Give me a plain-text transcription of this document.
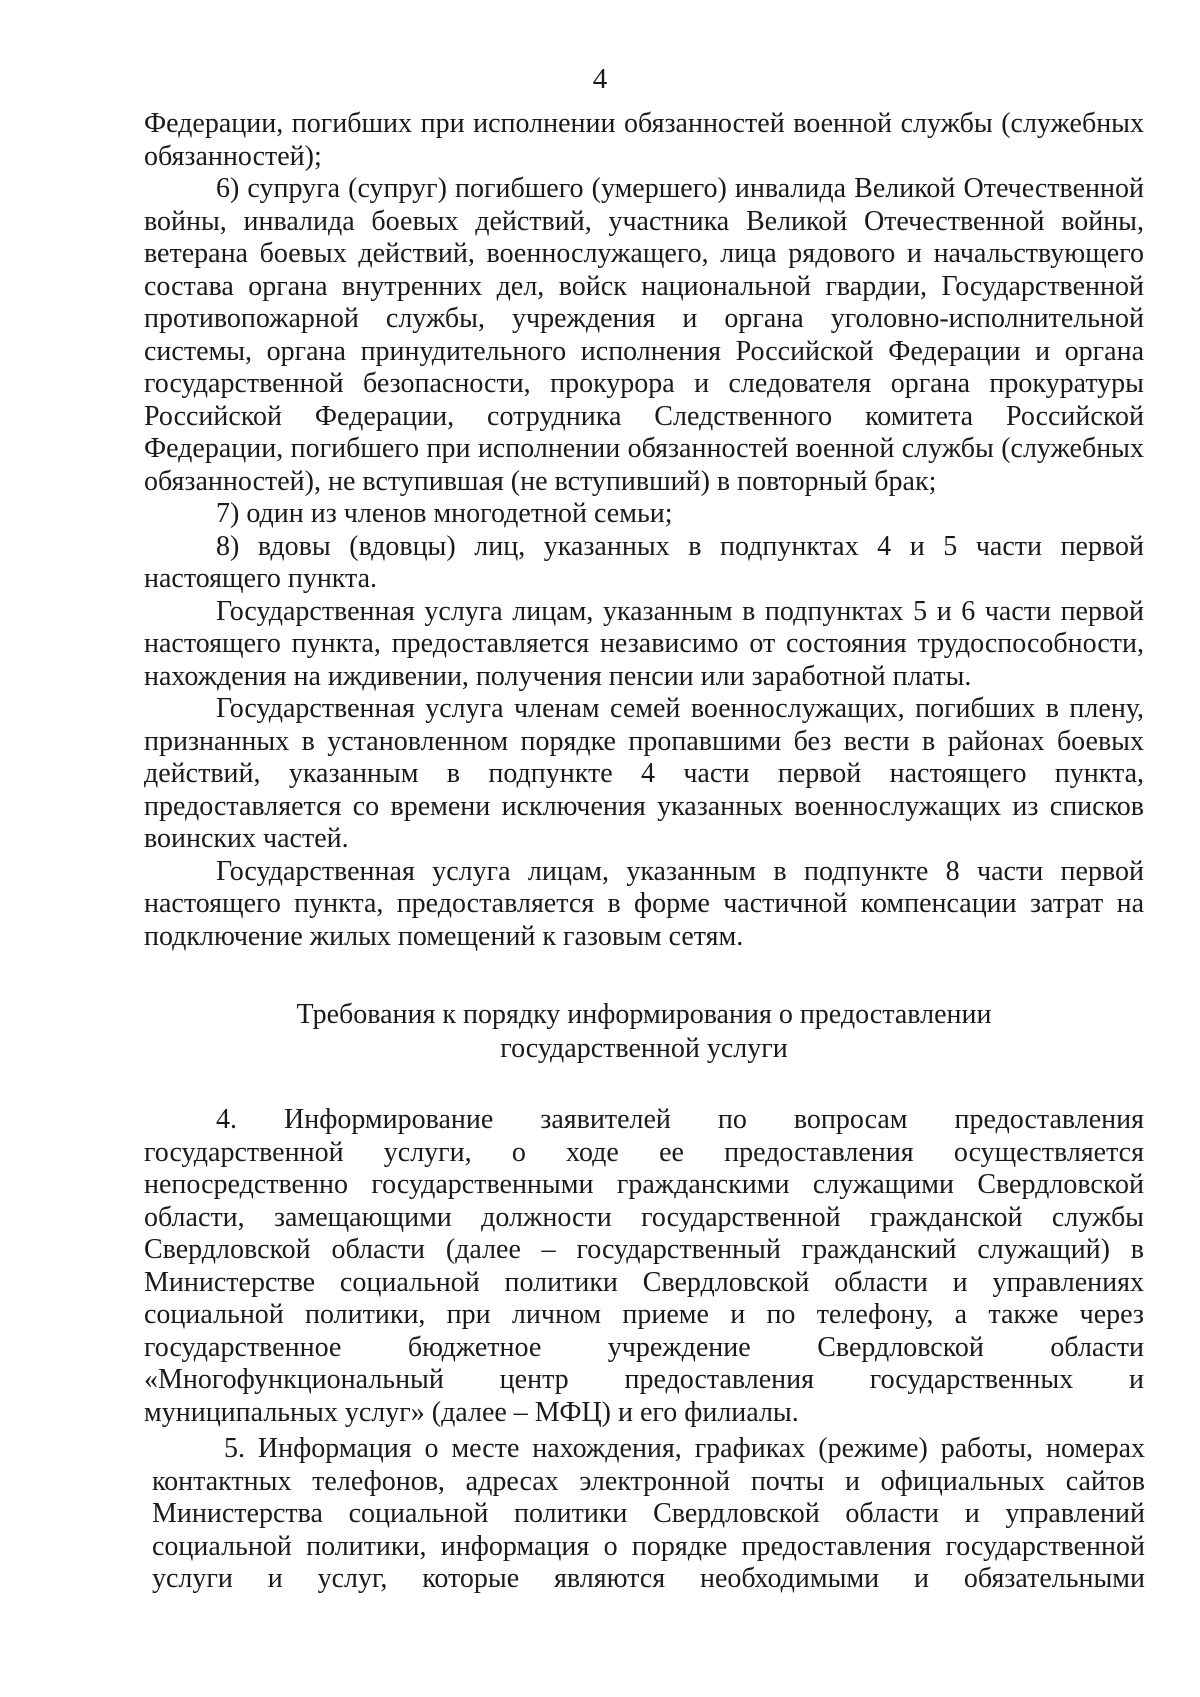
4

Федерации, погибших при исполнении обязанностей военной службы (служебных обязанностей);

6) супруга (супруг) погибшего (умершего) инвалида Великой Отечественной войны, инвалида боевых действий, участника Великой Отечественной войны, ветерана боевых действий, военнослужащего, лица рядового и начальствующего состава органа внутренних дел, войск национальной гвардии, Государственной противопожарной службы, учреждения и органа уголовно-исполнительной системы, органа принудительного исполнения Российской Федерации и органа государственной безопасности, прокурора и следователя органа прокуратуры Российской Федерации, сотрудника Следственного комитета Российской Федерации, погибшего при исполнении обязанностей военной службы (служебных обязанностей), не вступившая (не вступивший) в повторный брак;

7) один из членов многодетной семьи;

8) вдовы (вдовцы) лиц, указанных в подпунктах 4 и 5 части первой настоящего пункта.

Государственная услуга лицам, указанным в подпунктах 5 и 6 части первой настоящего пункта, предоставляется независимо от состояния трудоспособности, нахождения на иждивении, получения пенсии или заработной платы.

Государственная услуга членам семей военнослужащих, погибших в плену, признанных в установленном порядке пропавшими без вести в районах боевых действий, указанным в подпункте 4 части первой настоящего пункта, предоставляется со времени исключения указанных военнослужащих из списков воинских частей.

Государственная услуга лицам, указанным в подпункте 8 части первой настоящего пункта, предоставляется в форме частичной компенсации затрат на подключение жилых помещений к газовым сетям.

Требования к порядку информирования о предоставлении
государственной услуги

4. Информирование заявителей по вопросам предоставления государственной услуги, о ходе ее предоставления осуществляется непосредственно государственными гражданскими служащими Свердловской области, замещающими должности государственной гражданской службы Свердловской области (далее – государственный гражданский служащий) в Министерстве социальной политики Свердловской области и управлениях социальной политики, при личном приеме и по телефону, а также через государственное бюджетное учреждение Свердловской области «Многофункциональный центр предоставления государственных и муниципальных услуг» (далее – МФЦ) и его филиалы.

5. Информация о месте нахождения, графиках (режиме) работы, номерах контактных телефонов, адресах электронной почты и официальных сайтов Министерства социальной политики Свердловской области и управлений социальной политики, информация о порядке предоставления государственной услуги и услуг, которые являются необходимыми и обязательными
